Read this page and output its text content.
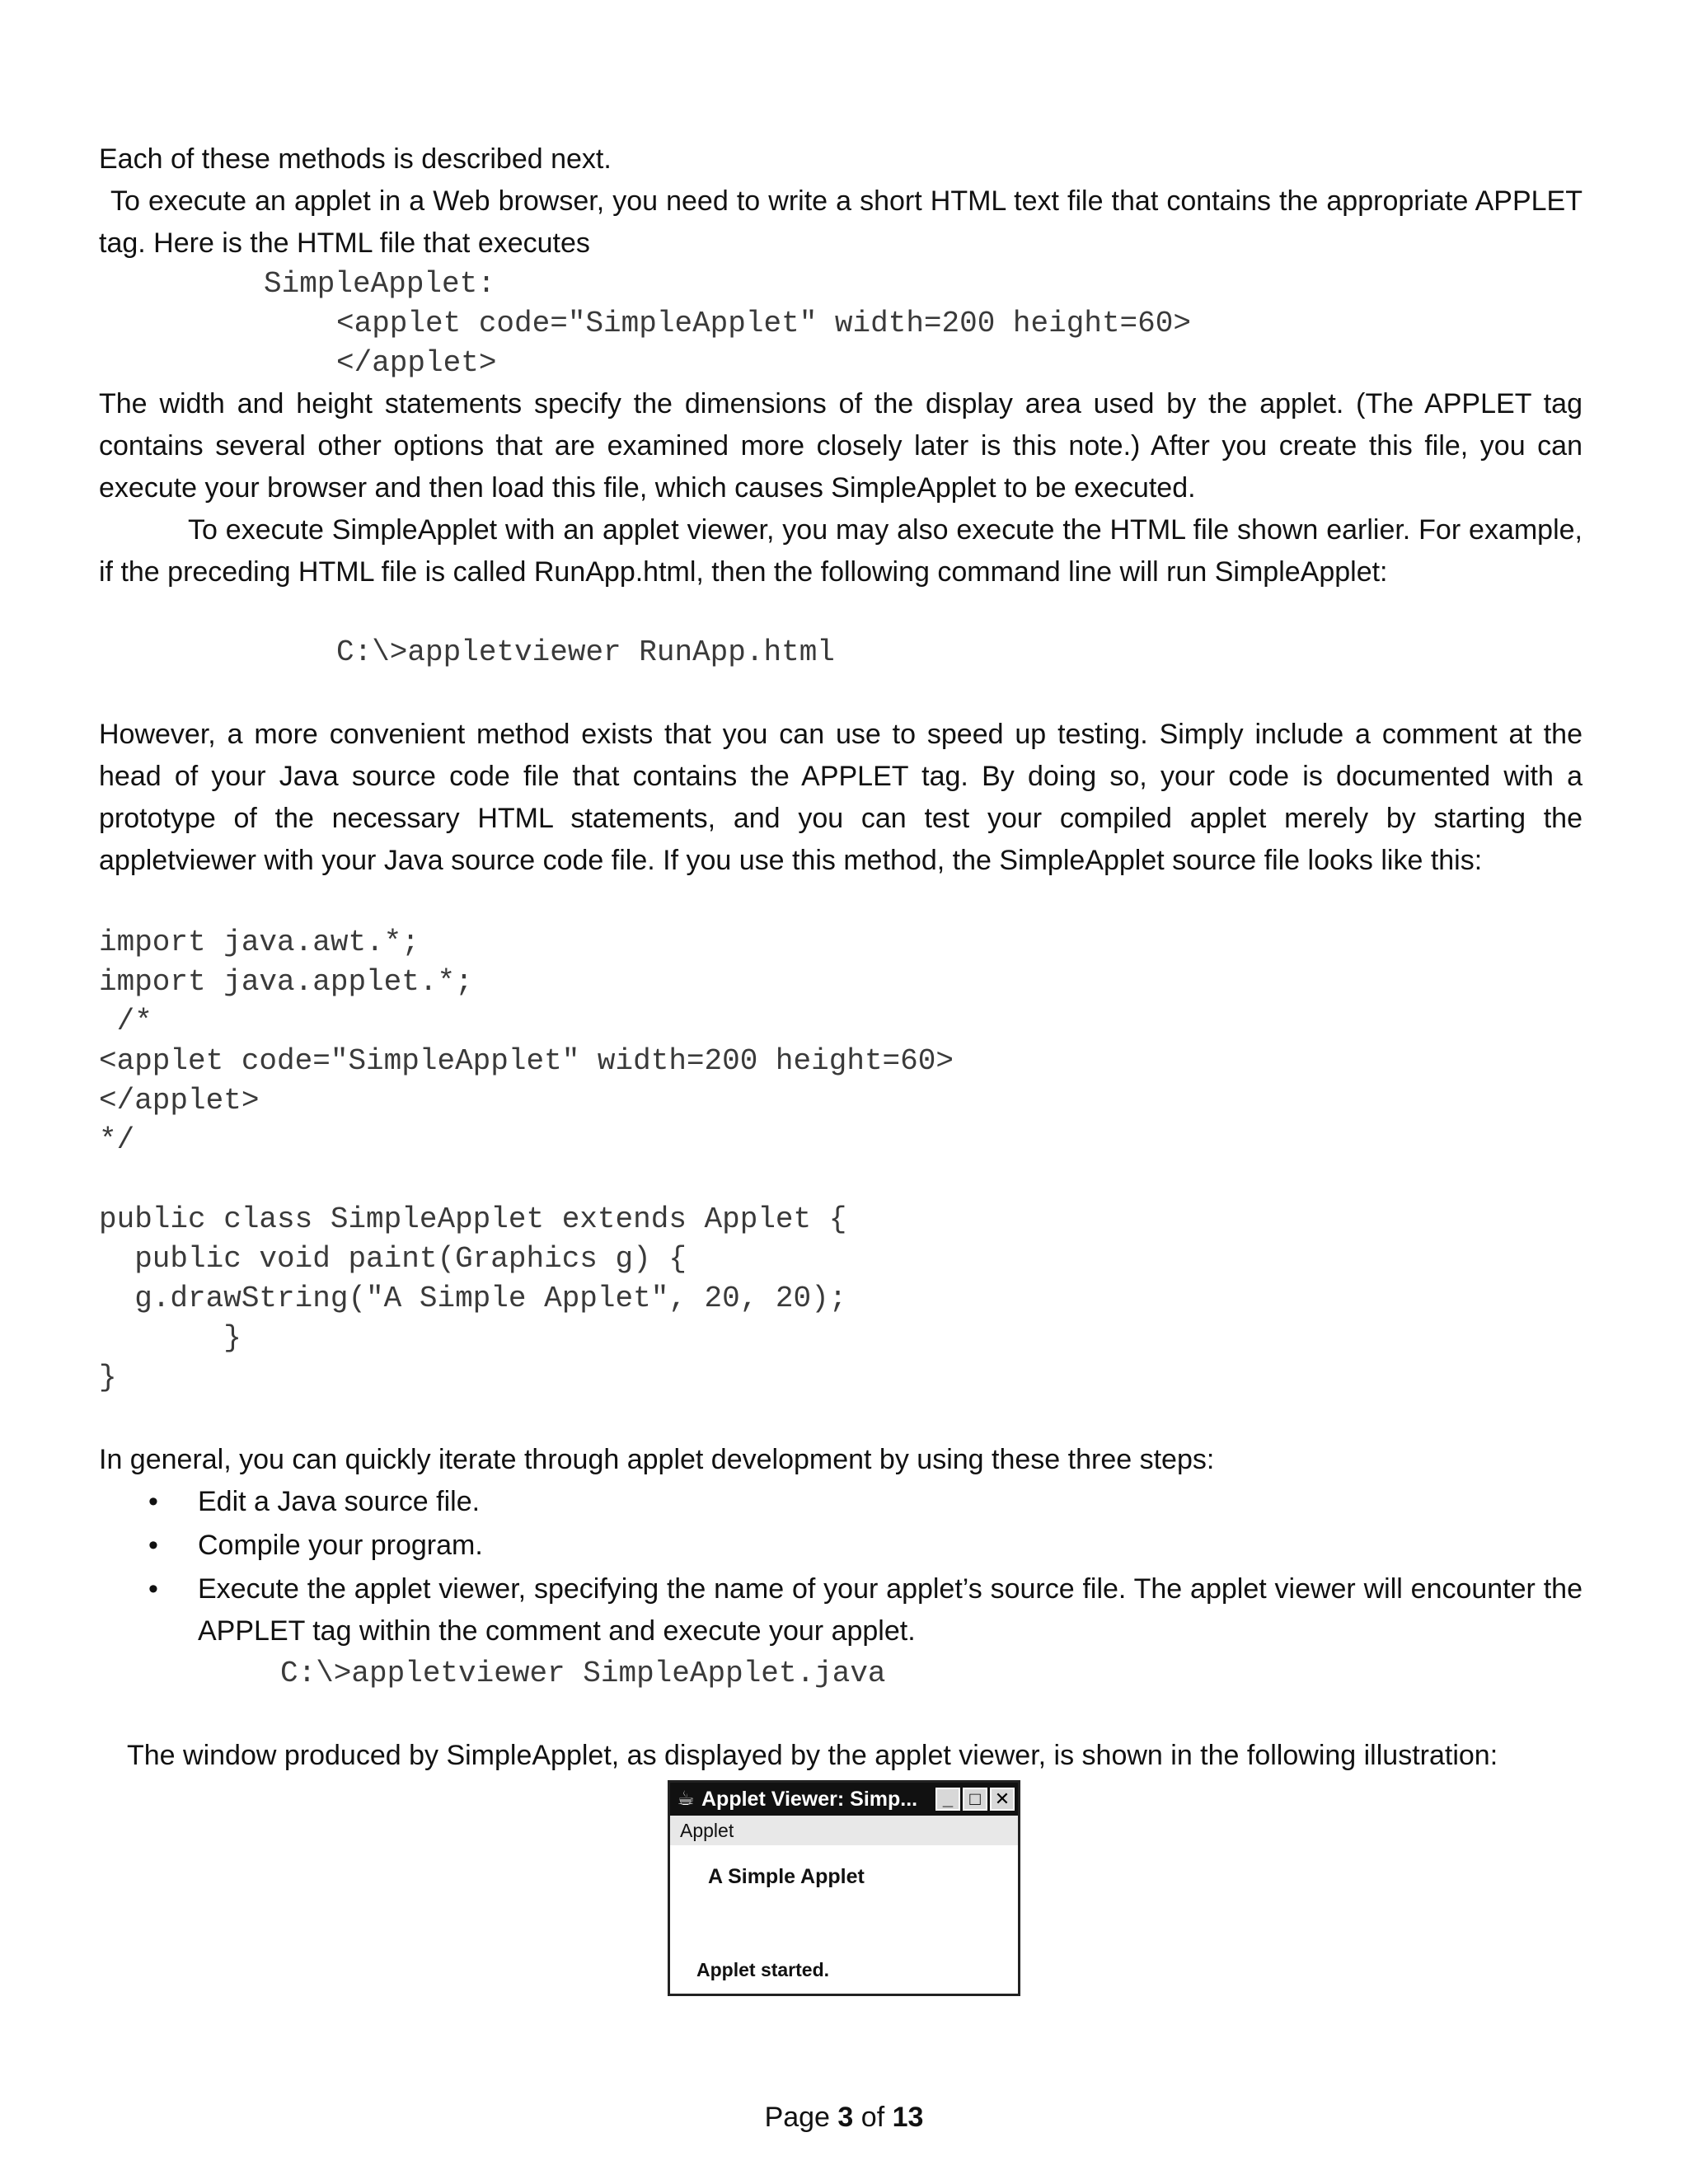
Each of these methods is described next.

To execute an applet in a Web browser, you need to write a short HTML text file that contains the appropriate APPLET tag. Here is the HTML file that executes

SimpleApplet:
<applet code="SimpleApplet" width=200 height=60>
</applet>

The width and height statements specify the dimensions of the display area used by the applet. (The APPLET tag contains several other options that are examined more closely later is this note.) After you create this file, you can execute your browser and then load this file, which causes SimpleApplet to be executed.

To execute SimpleApplet with an applet viewer, you may also execute the HTML file shown earlier. For example, if the preceding HTML file is called RunApp.html, then the following command line will run SimpleApplet:

C:\>appletviewer RunApp.html

However, a more convenient method exists that you can use to speed up testing. Simply include a comment at the head of your Java source code file that contains the APPLET tag. By doing so, your code is documented with a prototype of the necessary HTML statements, and you can test your compiled applet merely by starting the appletviewer with your Java source code file. If you use this method, the SimpleApplet source file looks like this:

import java.awt.*;
import java.applet.*;
/*
<applet code="SimpleApplet" width=200 height=60>
</applet>
*/

public class SimpleApplet extends Applet {
public void paint(Graphics g) {
g.drawString("A Simple Applet", 20, 20);
}
}

In general, you can quickly iterate through applet development by using these three steps:

• Edit a Java source file.
• Compile your program.
• Execute the applet viewer, specifying the name of your applet’s source file. The applet viewer will encounter the APPLET tag within the comment and execute your applet.
C:\>appletviewer SimpleApplet.java

The window produced by SimpleApplet, as displayed by the applet viewer, is shown in the following illustration:

☕ Applet Viewer: Simp...	_ □ ✕
Applet
A Simple Applet
Applet started.
Page 3 of 13
